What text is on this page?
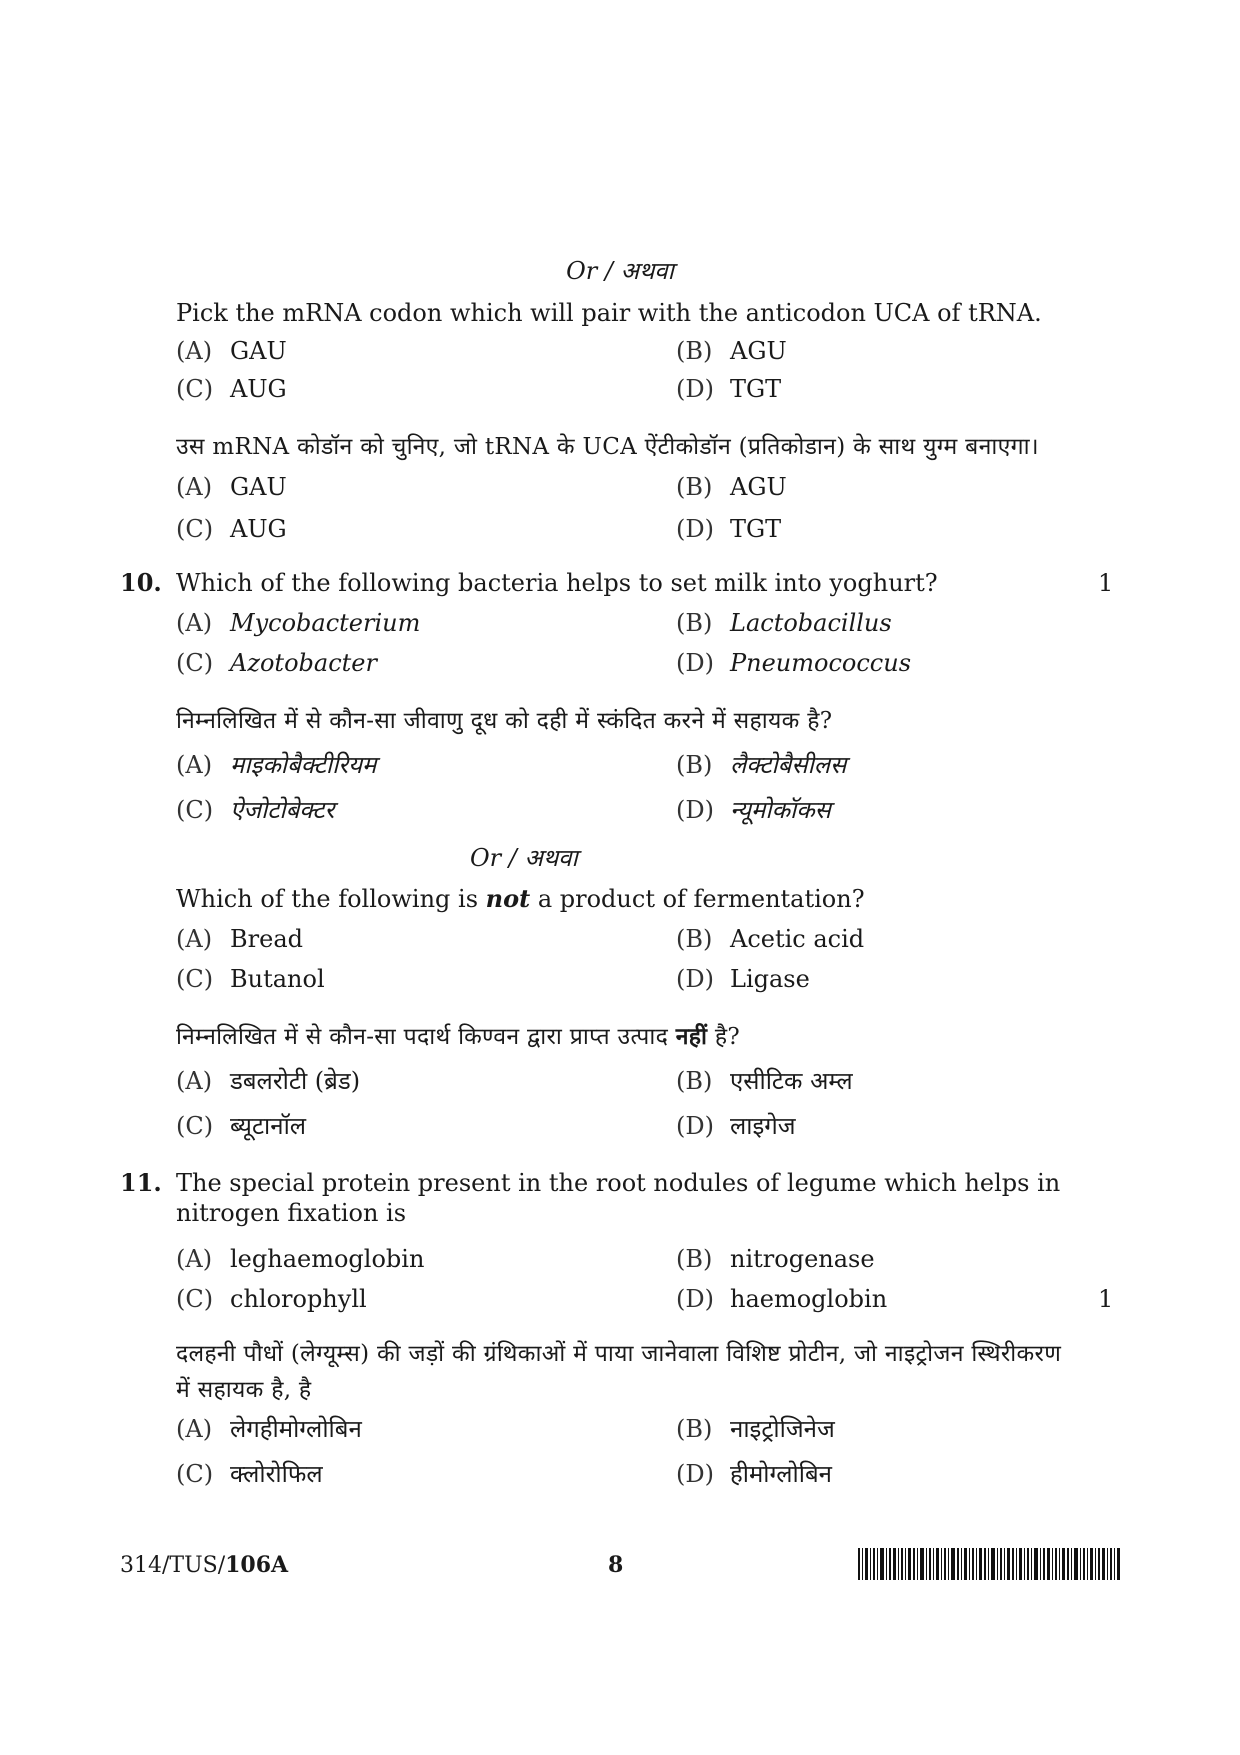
Or / अथवा
Pick the mRNA codon which will pair with the anticodon UCA of tRNA.
(A) GAU	(B) AGU
(C) AUG	(D) TGT
उस mRNA कोडॉन को चुनिए, जो tRNA के UCA ऐंटीकोडॉन (प्रतिकोडान) के साथ युग्म बनाएगा।
(A) GAU	(B) AGU
(C) AUG	(D) TGT
10. Which of the following bacteria helps to set milk into yoghurt?	1
(A) Mycobacterium	(B) Lactobacillus
(C) Azotobacter	(D) Pneumococcus
निम्नलिखित में से कौन-सा जीवाणु दूध को दही में स्कंदित करने में सहायक है?
(A) माइकोबैक्टीरियम	(B) लैक्टोबैसीलस
(C) ऐजोटोबेक्टर	(D) न्यूमोकॉकस
Or / अथवा
Which of the following is not a product of fermentation?
(A) Bread	(B) Acetic acid
(C) Butanol	(D) Ligase
निम्नलिखित में से कौन-सा पदार्थ किण्वन द्वारा प्राप्त उत्पाद नहीं है?
(A) डबलरोटी (ब्रेड)	(B) एसीटिक अम्ल
(C) ब्यूटानॉल	(D) लाइगेज
11. The special protein present in the root nodules of legume which helps in nitrogen fixation is
(A) leghaemoglobin	(B) nitrogenase
(C) chlorophyll	(D) haemoglobin	1
दलहनी पौधों (लेग्यूम्स) की जड़ों की ग्रंथिकाओं में पाया जानेवाला विशिष्ट प्रोटीन, जो नाइट्रोजन स्थिरीकरण में सहायक है, है
(A) लेगहीमोग्लोबिन	(B) नाइट्रोजिनेज
(C) क्लोरोफिल	(D) हीमोग्लोबिन
314/TUS/106A	8
